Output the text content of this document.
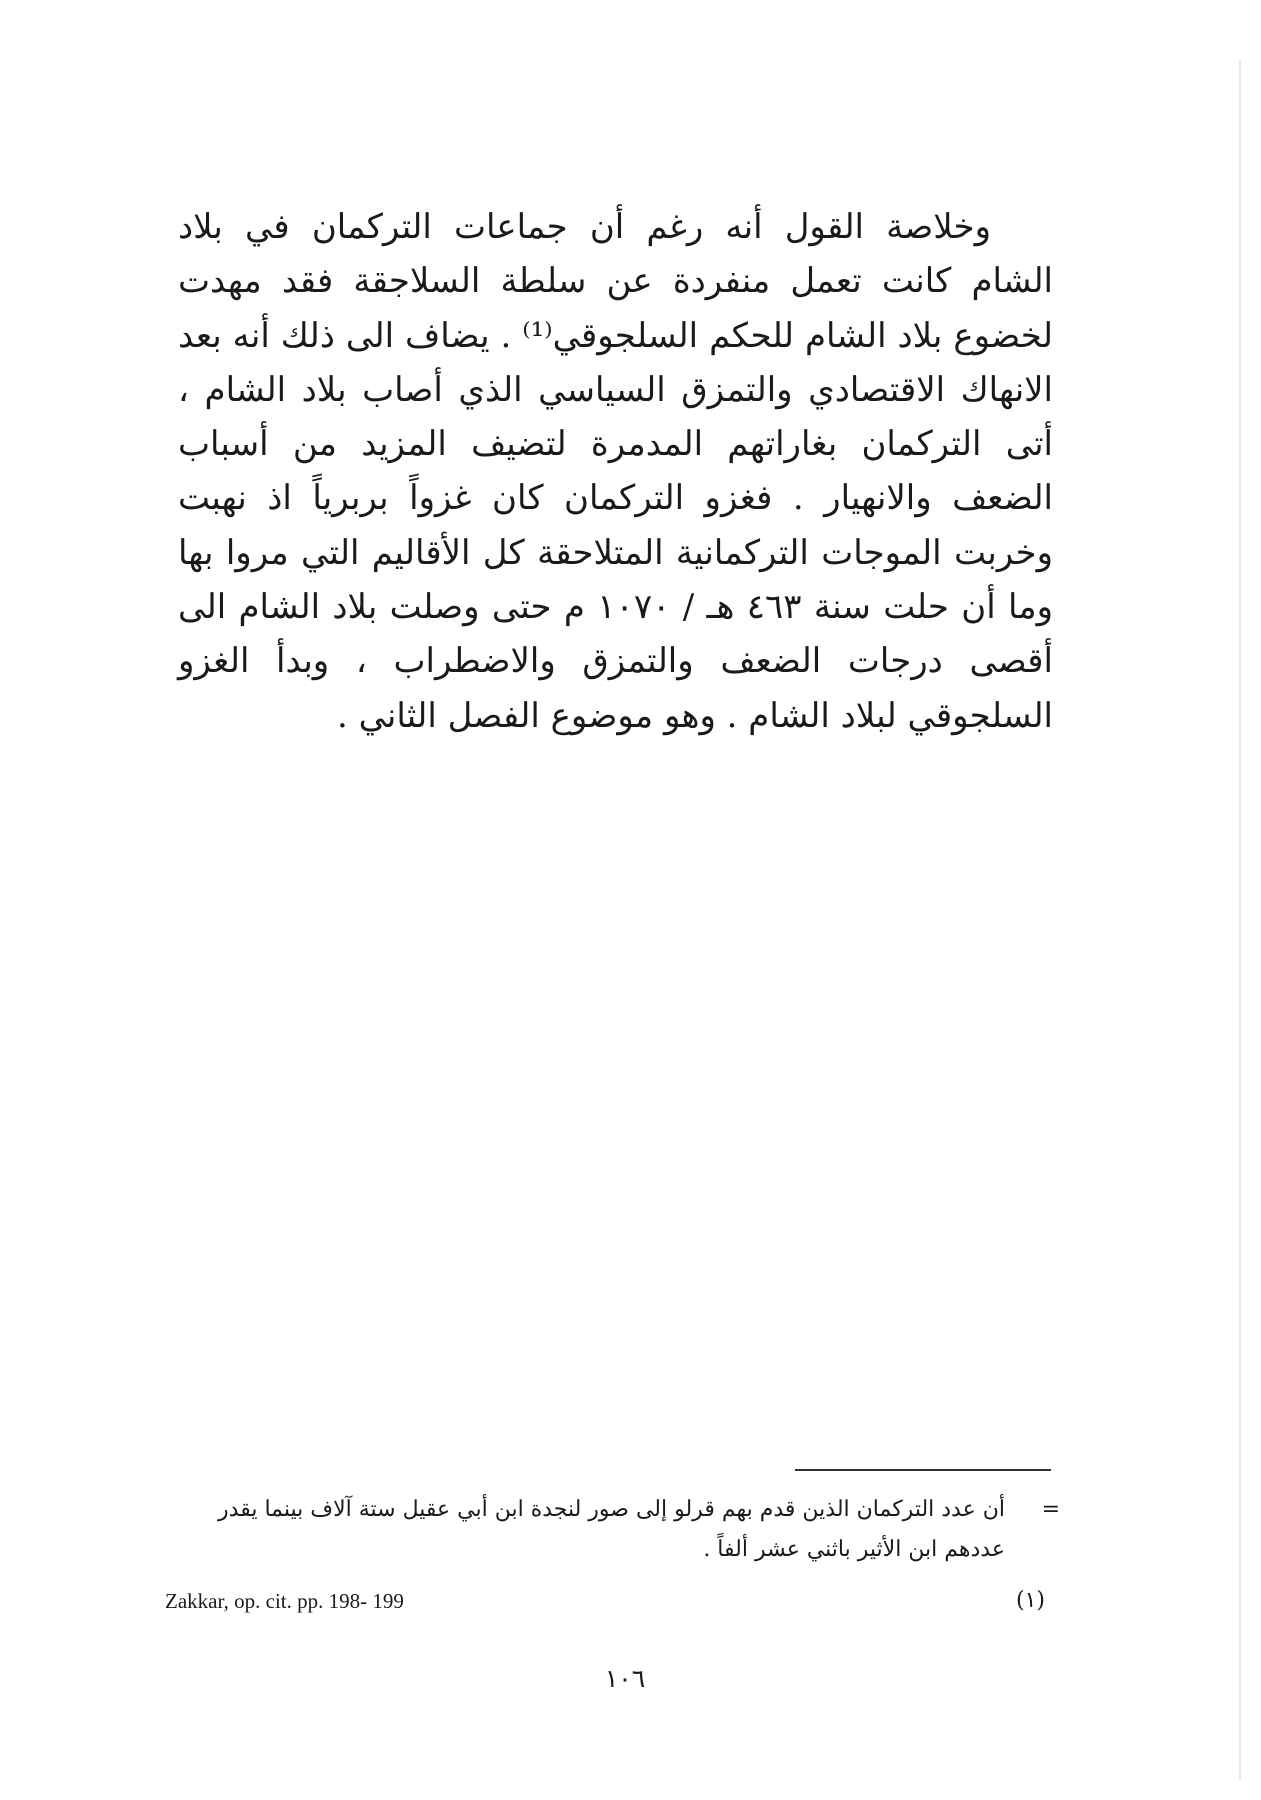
وخلاصة القول أنه رغم أن جماعات التركمان في بلاد الشام كانت تعمل منفردة عن سلطة السلاجقة فقد مهدت لخضوع بلاد الشام للحكم السلجوقي⁽¹⁾ . يضاف الى ذلك أنه بعد الانهاك الاقتصادي والتمزق السياسي الذي أصاب بلاد الشام ، أتى التركمان بغاراتهم المدمرة لتضيف المزيد من أسباب الضعف والانهيار . فغزو التركمان كان غزواً بربرياً اذ نهبت وخربت الموجات التركمانية المتلاحقة كل الأقاليم التي مروا بها وما أن حلت سنة ٤٦٣ هـ / ١٠٧٠ م حتى وصلت بلاد الشام الى أقصى درجات الضعف والتمزق والاضطراب ، وبدأ الغزو السلجوقي لبلاد الشام . وهو موضوع الفصل الثاني .

=
أن عدد التركمان الذين قدم بهم قرلو إلى صور لنجدة ابن أبي عقيل ستة آلاف بينما يقدر عددهم ابن الأثير باثني عشر ألفاً .
Zakkar, op. cit. pp. 198- 199	(١)
١٠٦
